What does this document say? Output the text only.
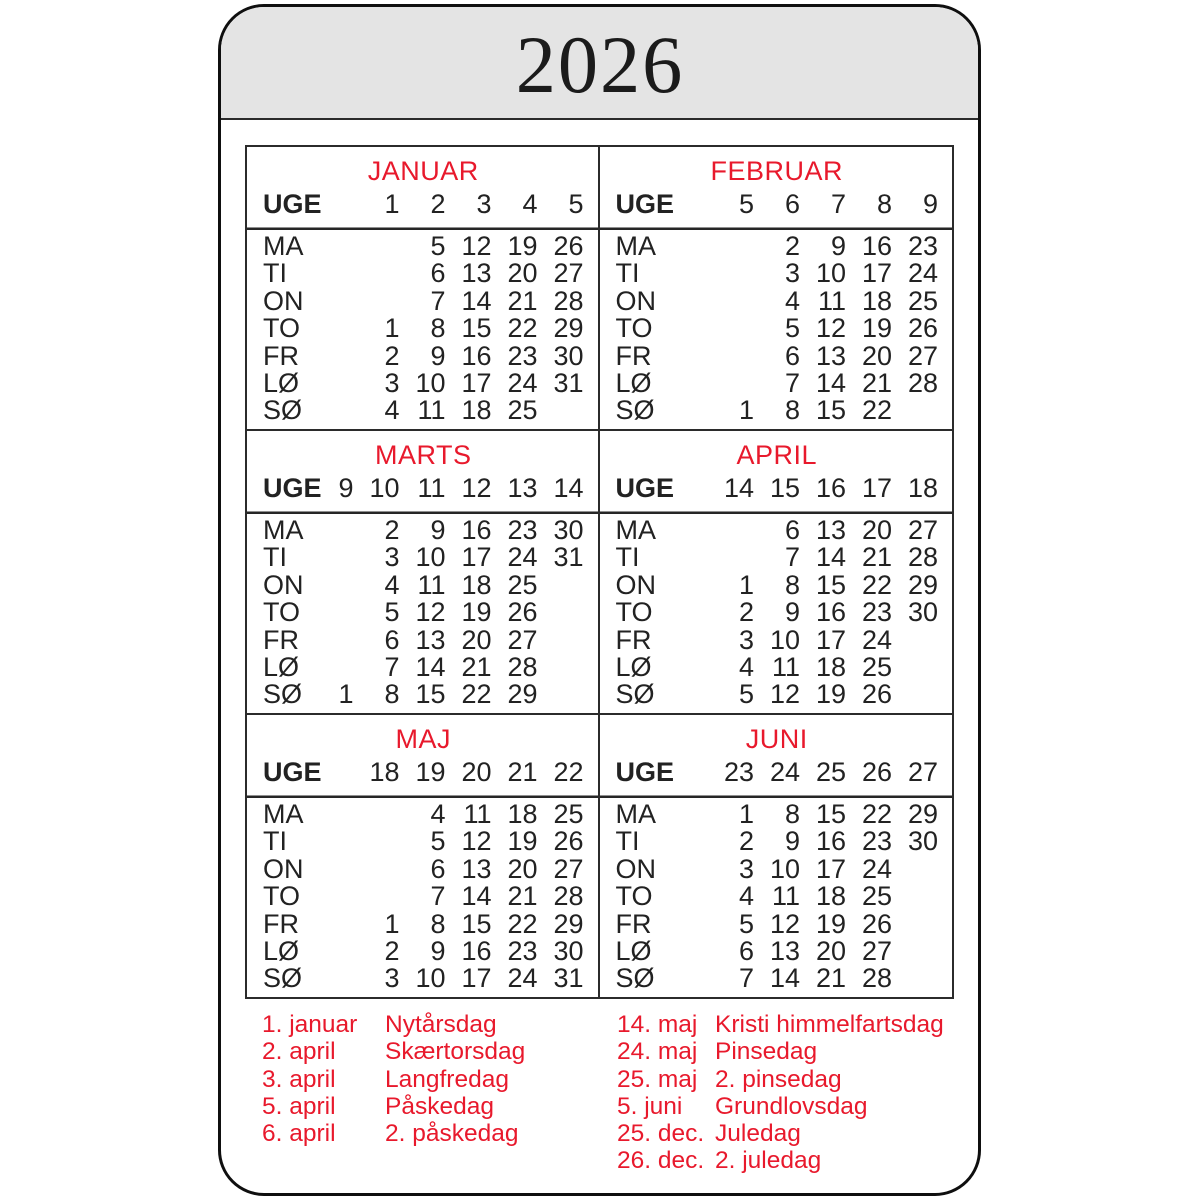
2026
JANUAR
UGE	1	2	3	4	5
MA		5	12	19	26
TI		6	13	20	27
ON		7	14	21	28
TO	1	8	15	22	29
FR	2	9	16	23	30
LØ	3	10	17	24	31
SØ	4	11	18	25	
FEBRUAR
UGE	5	6	7	8	9
MA		2	9	16	23
TI		3	10	17	24
ON		4	11	18	25
TO		5	12	19	26
FR		6	13	20	27
LØ		7	14	21	28
SØ	1	8	15	22	
MARTS
UGE	9	10	11	12	13	14
MA		2	9	16	23	30
TI		3	10	17	24	31
ON		4	11	18	25	
TO		5	12	19	26	
FR		6	13	20	27	
LØ		7	14	21	28	
SØ	1	8	15	22	29	
APRIL
UGE	14	15	16	17	18
MA		6	13	20	27
TI		7	14	21	28
ON	1	8	15	22	29
TO	2	9	16	23	30
FR	3	10	17	24	
LØ	4	11	18	25	
SØ	5	12	19	26	
MAJ
UGE	18	19	20	21	22
MA		4	11	18	25
TI		5	12	19	26
ON		6	13	20	27
TO		7	14	21	28
FR	1	8	15	22	29
LØ	2	9	16	23	30
SØ	3	10	17	24	31
JUNI
UGE	23	24	25	26	27
MA	1	8	15	22	29
TI	2	9	16	23	30
ON	3	10	17	24	
TO	4	11	18	25	
FR	5	12	19	26	
LØ	6	13	20	27	
SØ	7	14	21	28	
1. januar	Nytårsdag
2. april	Skærtorsdag
3. april	Langfredag
5. april	Påskedag
6. april	2. påskedag
14. maj Kristi himmelfartsdag
24. maj Pinsedag
25. maj 2. pinsedag
5. juni	Grundlovsdag
25. dec. Juledag
26. dec. 2. juledag
